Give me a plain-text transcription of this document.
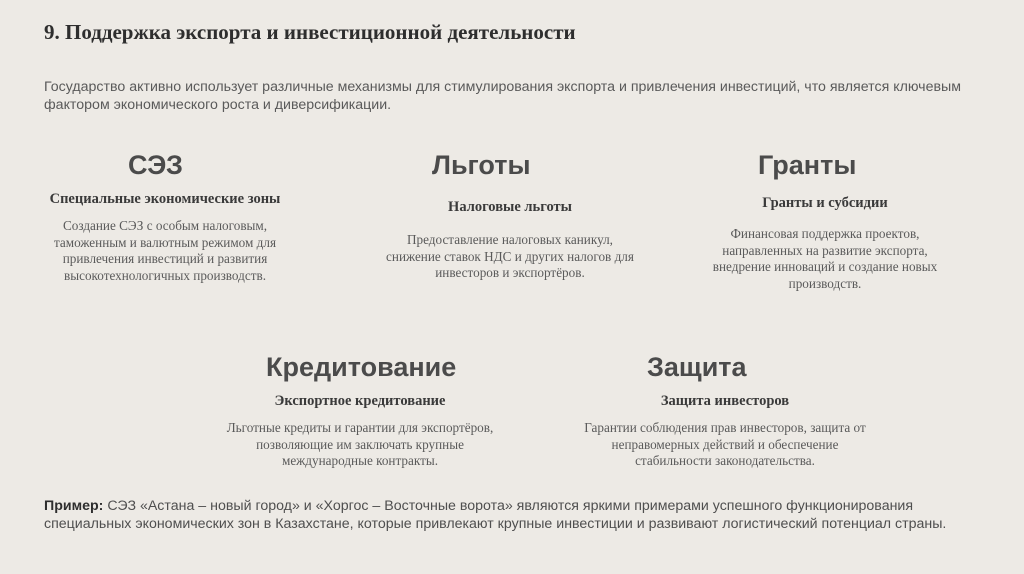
9. Поддержка экспорта и инвестиционной деятельности
Государство активно использует различные механизмы для стимулирования экспорта и привлечения инвестиций, что является ключевым фактором экономического роста и диверсификации.
СЭЗ
Специальные экономические зоны
Создание СЭЗ с особым налоговым, таможенным и валютным режимом для привлечения инвестиций и развития высокотехнологичных производств.
Льготы
Налоговые льготы
Предоставление налоговых каникул, снижение ставок НДС и других налогов для инвесторов и экспортёров.
Гранты
Гранты и субсидии
Финансовая поддержка проектов, направленных на развитие экспорта, внедрение инноваций и создание новых производств.
Кредитование
Экспортное кредитование
Льготные кредиты и гарантии для экспортёров, позволяющие им заключать крупные международные контракты.
Защита
Защита инвесторов
Гарантии соблюдения прав инвесторов, защита от неправомерных действий и обеспечение стабильности законодательства.
Пример: СЭЗ «Астана – новый город» и «Хоргос – Восточные ворота» являются яркими примерами успешного функционирования специальных экономических зон в Казахстане, которые привлекают крупные инвестиции и развивают логистический потенциал страны.
